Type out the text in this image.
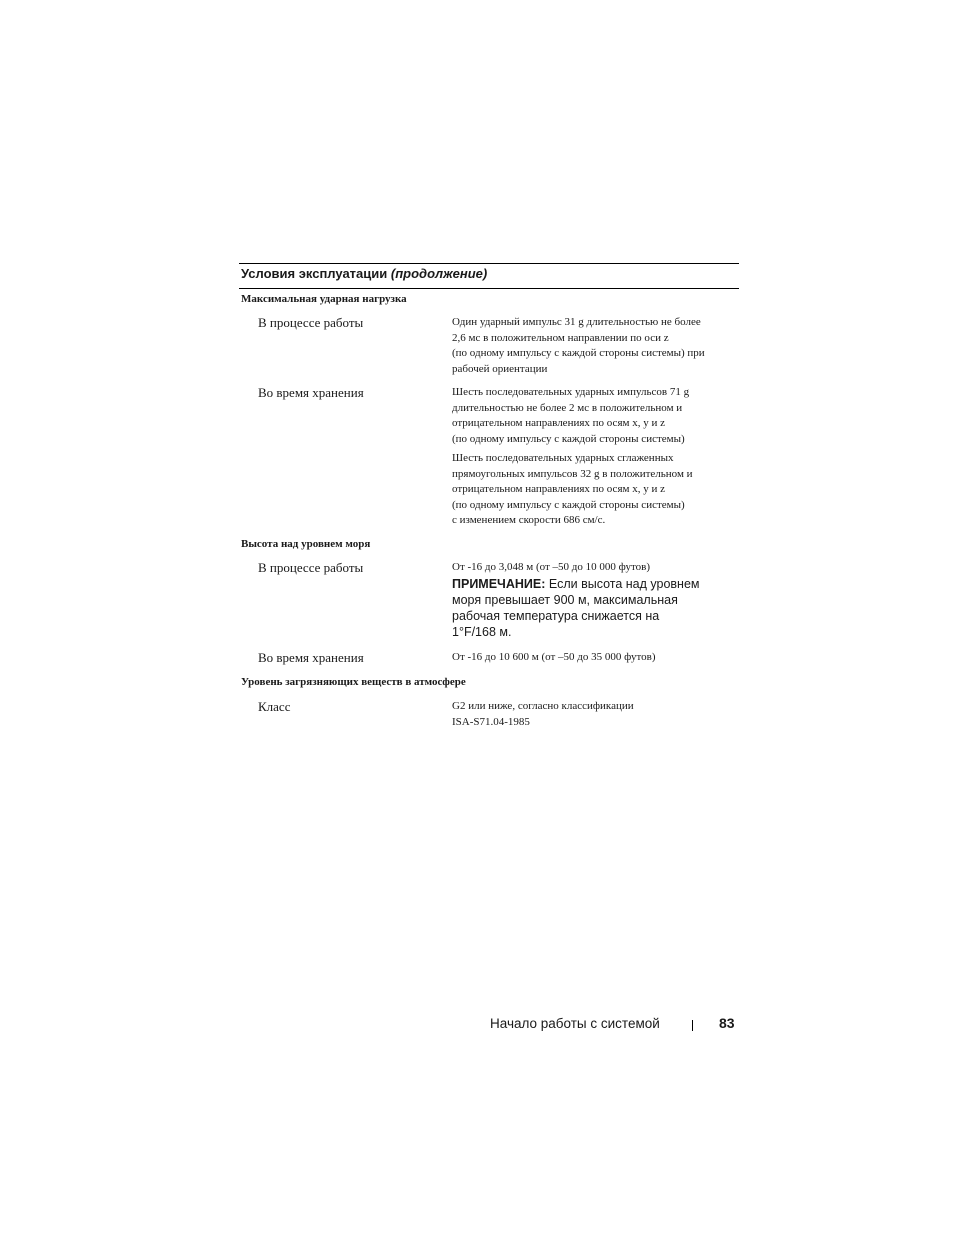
Условия эксплуатации (продолжение)
Максимальная ударная нагрузка
В процессе работы	Один ударный импульс 31 g длительностью не более
2,6 мс в положительном направлении по оси z
(по одному импульсу с каждой стороны системы) при
рабочей ориентации
Во время хранения	Шесть последовательных ударных импульсов 71 g
длительностью не более 2 мс в положительном и
отрицательном направлениях по осям x, y и z
(по одному импульсу с каждой стороны системы)
Шесть последовательных ударных сглаженных
прямоугольных импульсов 32 g в положительном и
отрицательном направлениях по осям x, y и z
(по одному импульсу с каждой стороны системы)
с изменением скорости 686 см/с.
Высота над уровнем моря
В процессе работы	От -16 до 3,048 м (от –50 до 10 000 футов)
ПРИМЕЧАНИЕ: Если высота над уровнем
моря превышает 900 м, максимальная
рабочая температура снижается на
1°F/168 м.
Во время хранения	От -16 до 10 600 м (от –50 до 35 000 футов)
Уровень загрязняющих веществ в атмосфере
Класс	G2 или ниже, согласно классификации
ISA-S71.04-1985
Начало работы с системой	83
